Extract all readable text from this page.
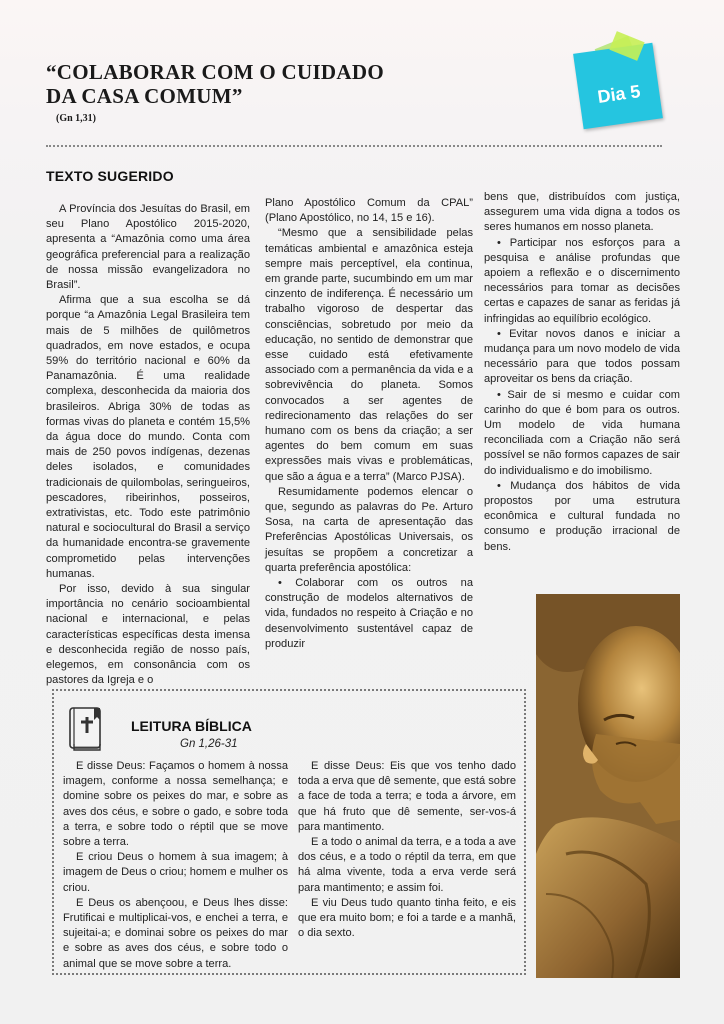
Dia 5
“COLABORAR COM O CUIDADO
DA CASA COMUM”
(Gn 1,31)
TEXTO SUGERIDO

A Província dos Jesuítas do Brasil, em seu Plano Apostólico 2015-2020, apresenta a “Amazônia como uma área geográfica preferencial para a realização de nossa missão evangelizadora no Brasil”.

Afirma que a sua escolha se dá porque “a Amazônia Legal Brasileira tem mais de 5 milhões de quilômetros quadrados, em nove estados, e ocupa 59% do território nacional e 60% da Panamazônia. É uma realidade complexa, desconhecida da maioria dos brasileiros. Abriga 30% de todas as formas vivas do planeta e contém 15,5% da água doce do mundo. Conta com mais de 250 povos indígenas, dezenas deles isolados, e comunidades tradicionais de quilombolas, seringueiros, pescadores, ribeirinhos, posseiros, extrativistas, etc. Todo este patrimônio natural e sociocultural do Brasil a serviço da humanidade encontra-se gravemente comprometido pelas intervenções humanas.

Por isso, devido à sua singular importância no cenário socioambiental nacional e internacional, e pelas características específicas desta imensa e desconhecida região de nosso país, elegemos, em consonância com os pastores da Igreja e o

Plano Apostólico Comum da CPAL” (Plano Apostólico, no 14, 15 e 16).

“Mesmo que a sensibilidade pelas temáticas ambiental e amazônica esteja sempre mais perceptível, ela continua, em grande parte, sucumbindo em um mar cinzento de indiferença. É necessário um trabalho vigoroso de despertar das consciências, sobretudo por meio da educação, no sentido de demonstrar que esse cuidado está efetivamente associado com a permanência da vida e a sobrevivência do planeta. Somos convocados a ser agentes de redirecionamento das relações do ser humano com os bens da criação; a ser agentes do bem comum em suas expressões mais vivas e problemáticas, que são a água e a terra” (Marco PJSA).

Resumidamente podemos elencar o que, segundo as palavras do Pe. Arturo Sosa, na carta de apresentação das Preferências Apostólicas Universais, os jesuítas se propõem a concretizar a quarta preferência apostólica:

• Colaborar com os outros na construção de modelos alternativos de vida, fundados no respeito à Criação e no desenvolvimento sustentável capaz de produzir

bens que, distribuídos com justiça, assegurem uma vida digna a todos os seres humanos em nosso planeta.

• Participar nos esforços para a pesquisa e análise profundas que apoiem a reflexão e o discernimento necessários para tomar as decisões certas e capazes de sanar as feridas já infringidas ao equilíbrio ecológico.

• Evitar novos danos e iniciar a mudança para um novo modelo de vida necessário para que todos possam aproveitar os bens da criação.

• Sair de si mesmo e cuidar com carinho do que é bom para os outros. Um modelo de vida humana reconciliada com a Criação não será possível se não formos capazes de sair do individualismo e do imobilismo.

• Mudança dos hábitos de vida propostos por uma estrutura econômica e cultural fundada no consumo e produção irracional de bens.

LEITURA BÍBLICA
Gn 1,26-31

E disse Deus: Façamos o homem à nossa imagem, conforme a nossa semelhança; e domine sobre os peixes do mar, e sobre as aves dos céus, e sobre o gado, e sobre toda a terra, e sobre todo o réptil que se move sobre a terra.

E criou Deus o homem à sua imagem; à imagem de Deus o criou; homem e mulher os criou.

E Deus os abençoou, e Deus lhes disse: Frutificai e multiplicai-vos, e enchei a terra, e sujeitai-a; e dominai sobre os peixes do mar e sobre as aves dos céus, e sobre todo o animal que se move sobre a terra.

E disse Deus: Eis que vos tenho dado toda a erva que dê semente, que está sobre a face de toda a terra; e toda a árvore, em que há fruto que dê semente, ser-vos-á para mantimento.

E a todo o animal da terra, e a toda a ave dos céus, e a todo o réptil da terra, em que há alma vivente, toda a erva verde será para mantimento; e assim foi.

E viu Deus tudo quanto tinha feito, e eis que era muito bom; e foi a tarde e a manhã, o dia sexto.
